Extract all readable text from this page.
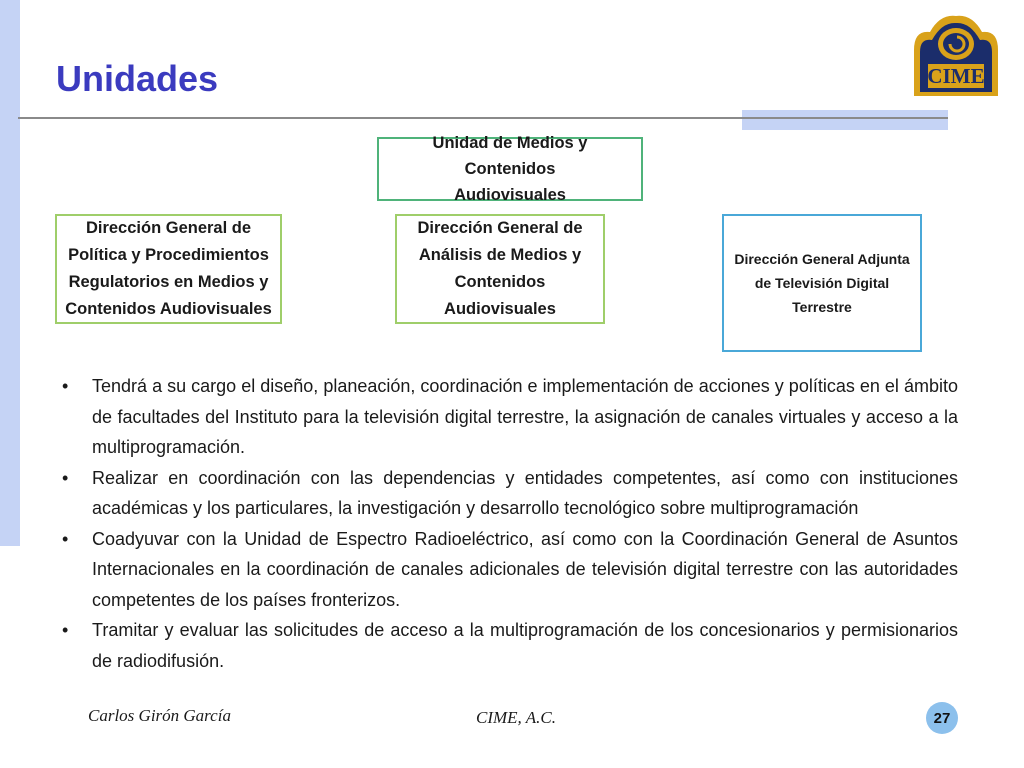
Unidades	CIME
Unidad de Medios y Contenidos
Audiovisuales
Dirección General de
Política y Procedimientos
Regulatorios en Medios y
Contenidos Audiovisuales
Dirección General de
Análisis de Medios y
Contenidos
Audiovisuales
Dirección General Adjunta
de Televisión Digital
Terrestre
• Tendrá a su cargo el diseño, planeación, coordinación e implementación de acciones y políticas en el ámbito de facultades del Instituto para la televisión digital terrestre, la asignación de canales virtuales y acceso a la multiprogramación.
• Realizar en coordinación con las dependencias y entidades competentes, así como con instituciones académicas y los particulares, la investigación y desarrollo tecnológico sobre multiprogramación
• Coadyuvar con la Unidad de Espectro Radioeléctrico, así como con la Coordinación General de Asuntos Internacionales en la coordinación de canales adicionales de televisión digital terrestre con las autoridades competentes de los países fronterizos.
• Tramitar y evaluar las solicitudes de acceso a la multiprogramación de los concesionarios y permisionarios de radiodifusión.
Carlos Girón García	CIME, A.C.	27
